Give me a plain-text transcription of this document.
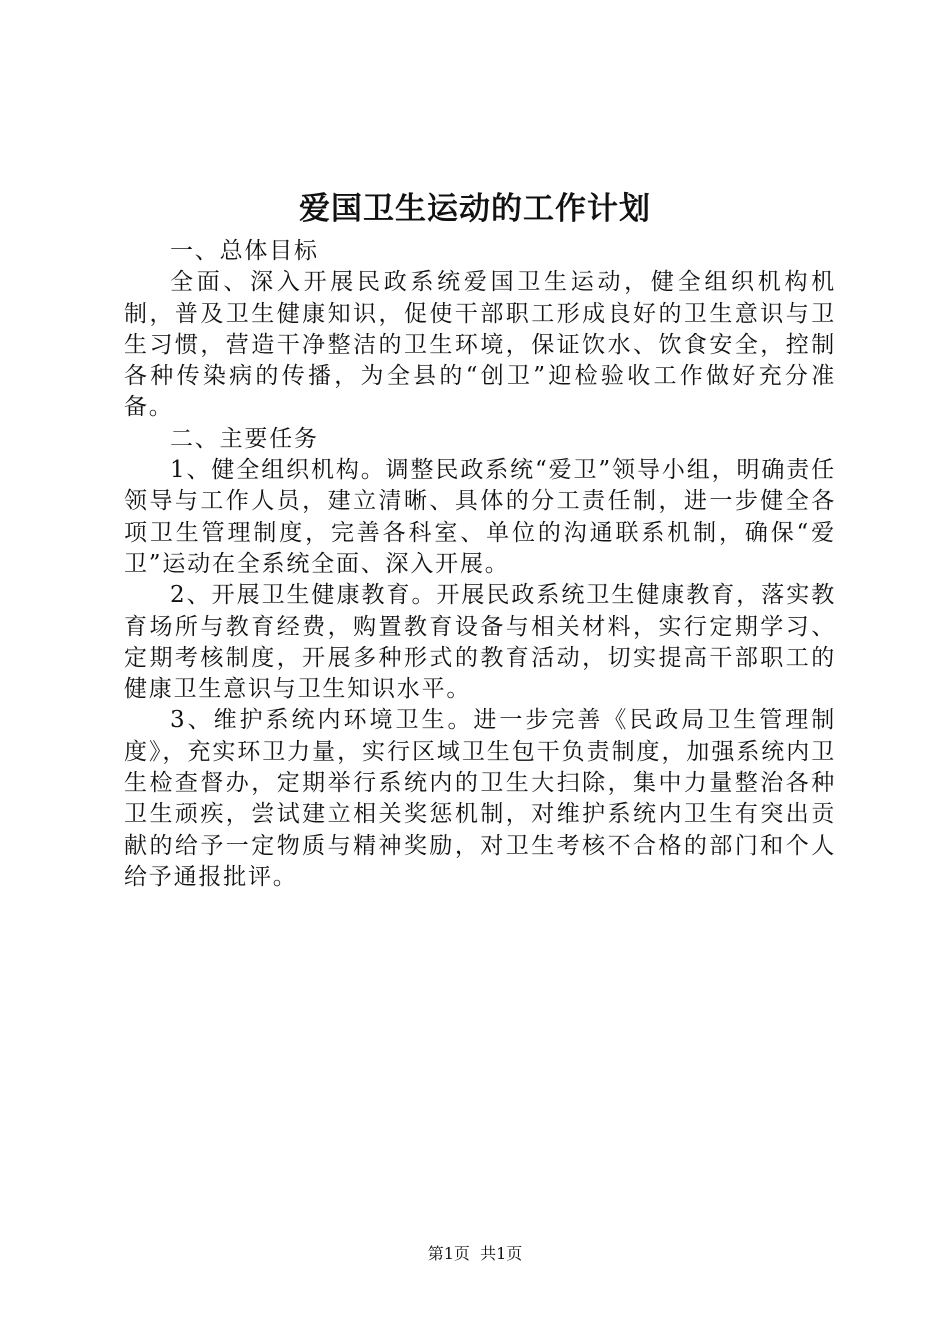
爱国卫生运动的工作计划

一、总体目标

全面、深入开展民政系统爱国卫生运动，健全组织机构机制，普及卫生健康知识，促使干部职工形成良好的卫生意识与卫生习惯，营造干净整洁的卫生环境，保证饮水、饮食安全，控制各种传染病的传播，为全县的“创卫”迎检验收工作做好充分准备。

二、主要任务

1、健全组织机构。调整民政系统“爱卫”领导小组，明确责任领导与工作人员，建立清晰、具体的分工责任制，进一步健全各项卫生管理制度，完善各科室、单位的沟通联系机制，确保“爱卫”运动在全系统全面、深入开展。

2、开展卫生健康教育。开展民政系统卫生健康教育，落实教育场所与教育经费，购置教育设备与相关材料，实行定期学习、定期考核制度，开展多种形式的教育活动，切实提高干部职工的健康卫生意识与卫生知识水平。

3、维护系统内环境卫生。进一步完善《民政局卫生管理制度》，充实环卫力量，实行区域卫生包干负责制度，加强系统内卫生检查督办，定期举行系统内的卫生大扫除，集中力量整治各种卫生顽疾，尝试建立相关奖惩机制，对维护系统内卫生有突出贡献的给予一定物质与精神奖励，对卫生考核不合格的部门和个人给予通报批评。

第1页  共1页
